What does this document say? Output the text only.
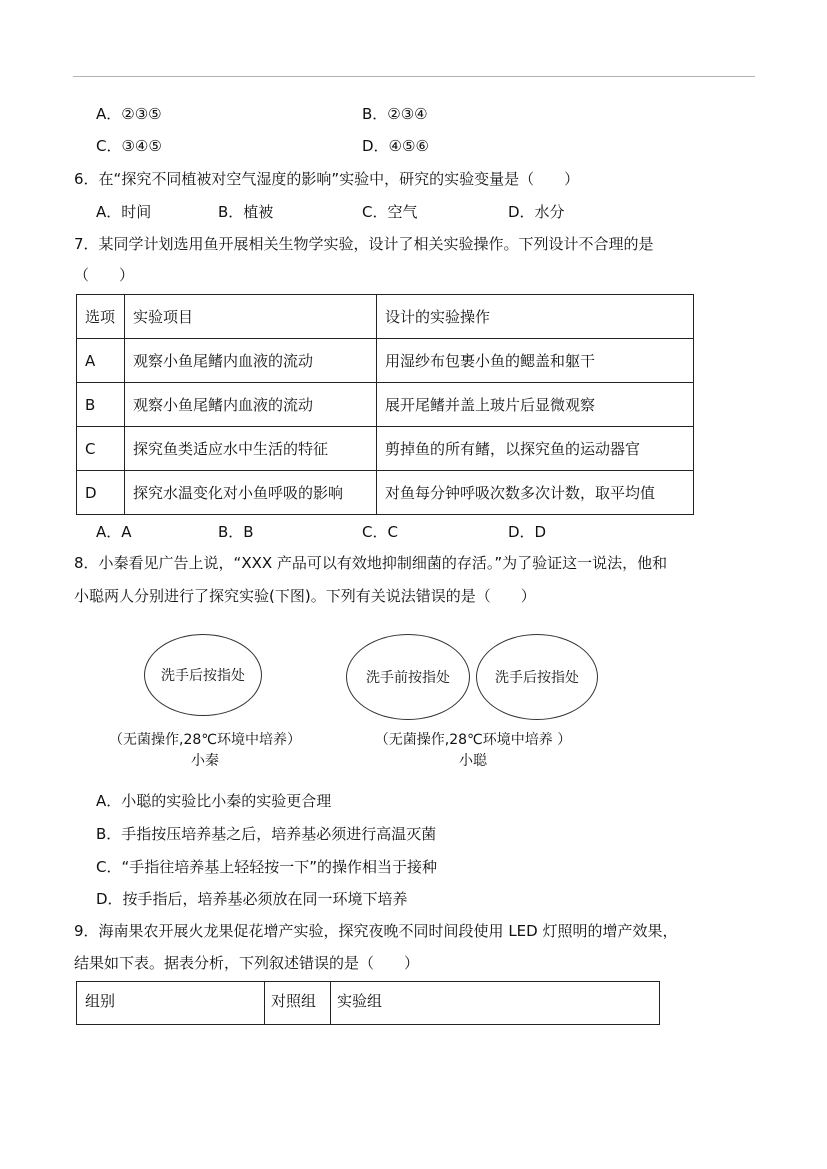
A．②③⑤	B．②③④
C．③④⑤	D．④⑤⑥
6．在“探究不同植被对空气湿度的影响”实验中，研究的实验变量是（　　）
A．时间	B．植被	C．空气	D．水分
7．某同学计划选用鱼开展相关生物学实验，设计了相关实验操作。下列设计不合理的是
（　　）
选项	实验项目	设计的实验操作
A	观察小鱼尾鳍内血液的流动	用湿纱布包裹小鱼的鳃盖和躯干
B	观察小鱼尾鳍内血液的流动	展开尾鳍并盖上玻片后显微观察
C	探究鱼类适应水中生活的特征	剪掉鱼的所有鳍，以探究鱼的运动器官
D	探究水温变化对小鱼呼吸的影响	对鱼每分钟呼吸次数多次计数，取平均值
A．A	B．B	C．C	D．D
8．小秦看见广告上说，“XXX 产品可以有效地抑制细菌的存活。”为了验证这一说法，他和
小聪两人分别进行了探究实验(下图)。下列有关说法错误的是（　　）
洗手后按指处	洗手前按指处	洗手后按指处
（无菌操作,28℃环境中培养）
小秦
（无菌操作,28℃环境中培养 ）
小聪
A．小聪的实验比小秦的实验更合理
B．手指按压培养基之后，培养基必须进行高温灭菌
C．“手指往培养基上轻轻按一下”的操作相当于接种
D．按手指后，培养基必须放在同一环境下培养
9．海南果农开展火龙果促花增产实验，探究夜晚不同时间段使用 LED 灯照明的增产效果，
结果如下表。据表分析，下列叙述错误的是（　　）
组别	对照组	实验组
